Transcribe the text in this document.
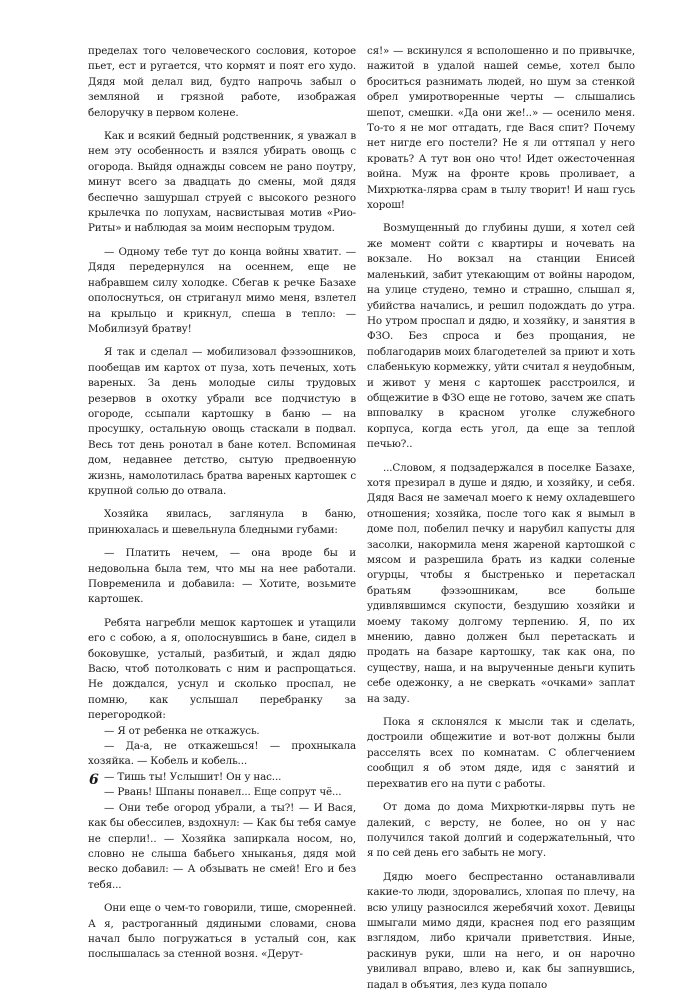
пределах того человеческого сословия, которое пьет, ест и ругается, что кормят и поят его худо. Дядя мой делал вид, будто напрочь забыл о земляной и грязной работе, изображая белоручку в первом колене.

Как и всякий бедный родственник, я уважал в нем эту особенность и взялся убирать овощь с огорода. Выйдя однажды совсем не рано поутру, минут всего за двадцать до смены, мой дядя беспечно зашуршал струей с высокого резного крылечка по лопухам, насвистывая мотив «Рио-Риты» и наблюдая за моим неспорым трудом.

— Одному тебе тут до конца войны хватит. — Дядя передернулся на осеннем, еще не набравшем силу холодке. Сбегав к речке Базахе ополоснуться, он стриганул мимо меня, взлетел на крыльцо и крикнул, спеша в тепло: — Мобилизуй братву!

Я так и сделал — мобилизовал фэзэошников, пообещав им картох от пуза, хоть печеных, хоть вареных. За день молодые силы трудовых резервов в охотку убрали все подчистую в огороде, ссыпали картошку в баню — на просушку, остальную овощь стаскали в подвал. Весь тот день ронотал в бане котел. Вспоминая дом, недавнее детство, сытую предвоенную жизнь, намолотилась братва вареных картошек с крупной солью до отвала.

Хозяйка явилась, заглянула в баню, принюхалась и шевельнула бледными губами:

— Платить нечем, — она вроде бы и недовольна была тем, что мы на нее работали. Повременила и добавила: — Хотите, возьмите картошек.

Ребята нагребли мешок картошек и утащили его с собою, а я, ополоснувшись в бане, сидел в боковушке, усталый, разбитый, и ждал дядю Васю, чтоб потолковать с ним и распрощаться. Не дождался, уснул и сколько проспал, не помню, как услышал перебранку за перегородкой:

— Я от ребенка не откажусь.

— Да-а, не откажешься! — прохныкала хозяйка. — Кобель и кобель...

— Тишь ты! Услышит! Он у нас...

— Рвань! Шпаны понавел... Еще сопрут чё...

— Они тебе огород убрали, а ты?! — И Вася, как бы обессилев, вздохнул: — Как бы тебя самуе не сперли!.. — Хозяйка запиркала носом, но, словно не слыша бабьего хныканья, дядя мой веско добавил: — А обзывать не смей! Его и без тебя...

Они еще о чем-то говорили, тише, сморенней. А я, растроганный дядиными словами, снова начал было погружаться в усталый сон, как послышалась за стенной возня. «Дерут-

ся!» — вскинулся я всполошенно и по привычке, нажитой в удалой нашей семье, хотел было броситься разнимать людей, но шум за стенкой обрел умиротворенные черты — слышались шепот, смешки. «Да они же!..» — осенило меня. То-то я не мог отгадать, где Вася спит? Почему нет нигде его постели? Не я ли оттяпал у него кровать? А тут вон оно что! Идет ожесточенная война. Муж на фронте кровь проливает, а Михрютка-лярва срам в тылу творит! И наш гусь хорош!

Возмущенный до глубины души, я хотел сей же момент сойти с квартиры и ночевать на вокзале. Но вокзал на станции Енисей маленький, забит утекающим от войны народом, на улице студено, темно и страшно, слышал я, убийства начались, и решил подождать до утра. Но утром проспал и дядю, и хозяйку, и занятия в ФЗО. Без спроса и без прощания, не поблагодарив моих благодетелей за приют и хоть слабенькую кормежку, уйти считал я неудобным, и живот у меня с картошек расстроился, и общежитие в ФЗО еще не готово, зачем же спать впповалку в красном уголке служебного корпуса, когда есть угол, да еще за теплой печью?..

...Словом, я подзадержался в поселке Базахе, хотя презирал в душе и дядю, и хозяйку, и себя. Дядя Вася не замечал моего к нему охладевшего отношения; хозяйка, после того как я вымыл в доме пол, побелил печку и нарубил капусты для засолки, накормила меня жареной картошкой с мясом и разрешила брать из кадки соленые огурцы, чтобы я быстренько и перетаскал братьям фэзэошникам, все больше удивлявшимся скупости, бездушию хозяйки и моему такому долгому терпению. Я, по их мнению, давно должен был перетаскать и продать на базаре картошку, так как она, по существу, наша, и на вырученные деньги купить себе одежонку, а не сверкать «очками» заплат на заду.

Пока я склонялся к мысли так и сделать, достроили общежитие и вот-вот должны были расселять всех по комнатам. С облегчением сообщил я об этом дяде, идя с занятий и перехватив его на пути с работы.

От дома до дома Михрютки-лярвы путь не далекий, с версту, не более, но он у нас получился такой долгий и содержательный, что я по сей день его забыть не могу.

Дядю моего беспрестанно останавливали какие-то люди, здоровались, хлопая по плечу, на всю улицу разносился жеребячий хохот. Девицы шмыгали мимо дяди, краснея под его разящим взглядом, либо кричали приветствия. Иные, раскинув руки, шли на него, и он нарочно увиливал вправо, влево и, как бы запнувшись, падал в объятия, лез куда попало

6
